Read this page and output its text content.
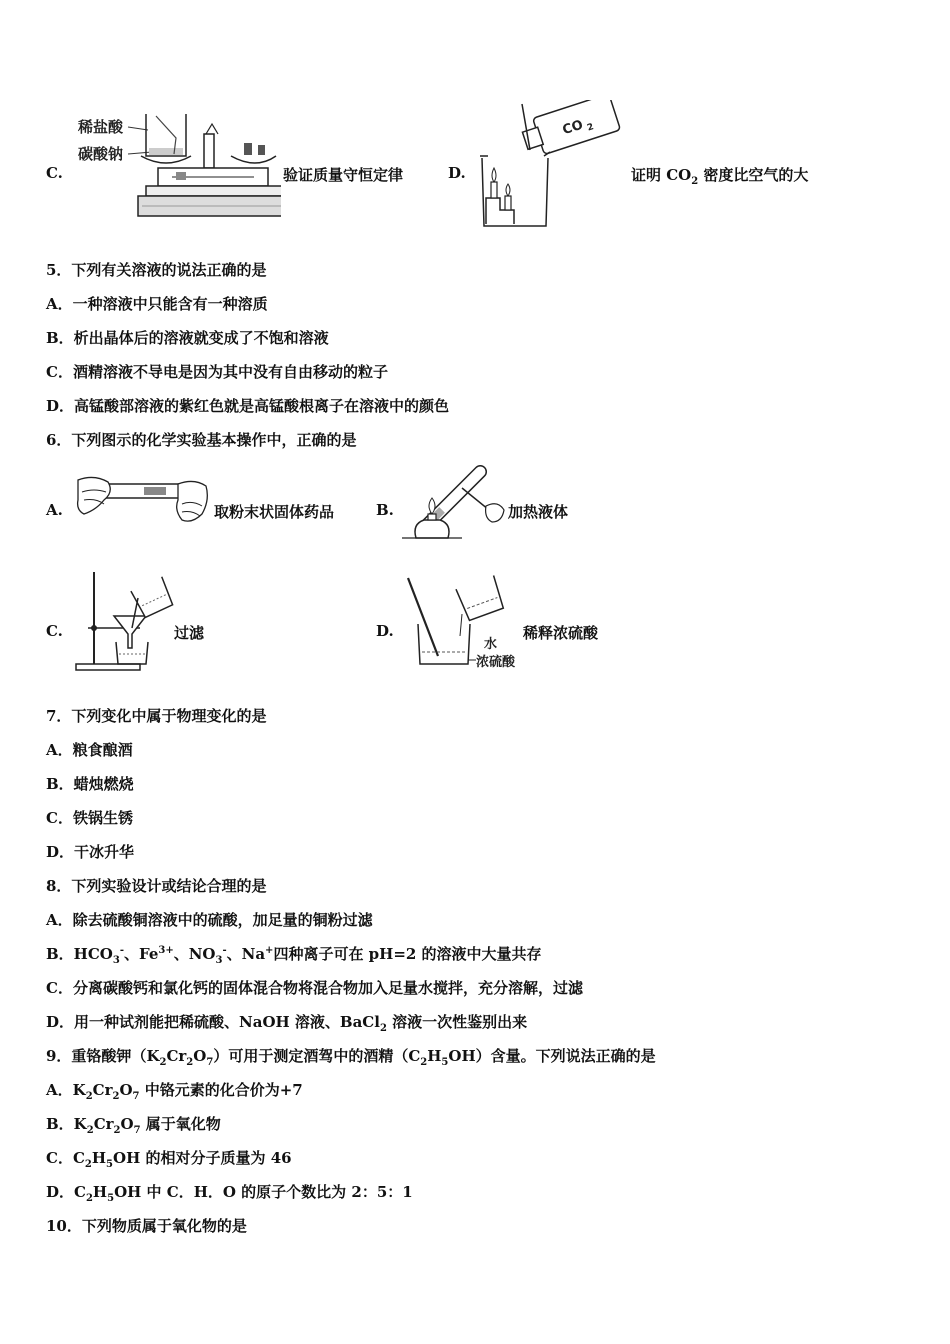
C.
稀盐酸
碳酸钠
验证质量守恒定律	D.
CO 2
证明 $CO_2$ 密度比空气的大
5．下列有关溶液的说法正确的是
A．一种溶液中只能含有一种溶质
B．析出晶体后的溶液就变成了不饱和溶液
C．酒精溶液不导电是因为其中没有自由移动的粒子
D．高锰酸部溶液的紫红色就是高锰酸根离子在溶液中的颜色
6．下列图示的化学实验基本操作中，正确的是
A.	取粉末状固体药品	B.	加热液体
C.	过滤	D.
水
浓硫酸
稀释浓硫酸
7．下列变化中属于物理变化的是
A．粮食酿酒
B．蜡烛燃烧
C．铁锅生锈
D．干冰升华
8．下列实验设计或结论合理的是
A．除去硫酸铜溶液中的硫酸，加足量的铜粉过滤
B．$HCO_3^-$、$Fe^{3+}$、$NO_3^-$、Na+四种离子可在 pH=2 的溶液中大量共存
C．分离碳酸钙和氯化钙的固体混合物将混合物加入足量水搅拌，充分溶解，过滤
D．用一种试剂能把稀硫酸、NaOH 溶液、BaCl$_2$ 溶液一次性鉴别出来
9．重铬酸钾$(K_2Cr_2O_7)$可用于测定酒驾中的酒精$(C_2H_5OH)$含量。下列说法正确的是
A．$K_2Cr_2O_7$ 中铬元素的化合价为+7
B．$K_2Cr_2O_7$ 属于氧化物
C．$C_2H_5OH$ 的相对分子质量为 46
D．$C_2H_5OH$ 中 C．H．O 的原子个数比为 2：5：1
10．下列物质属于氧化物的是
